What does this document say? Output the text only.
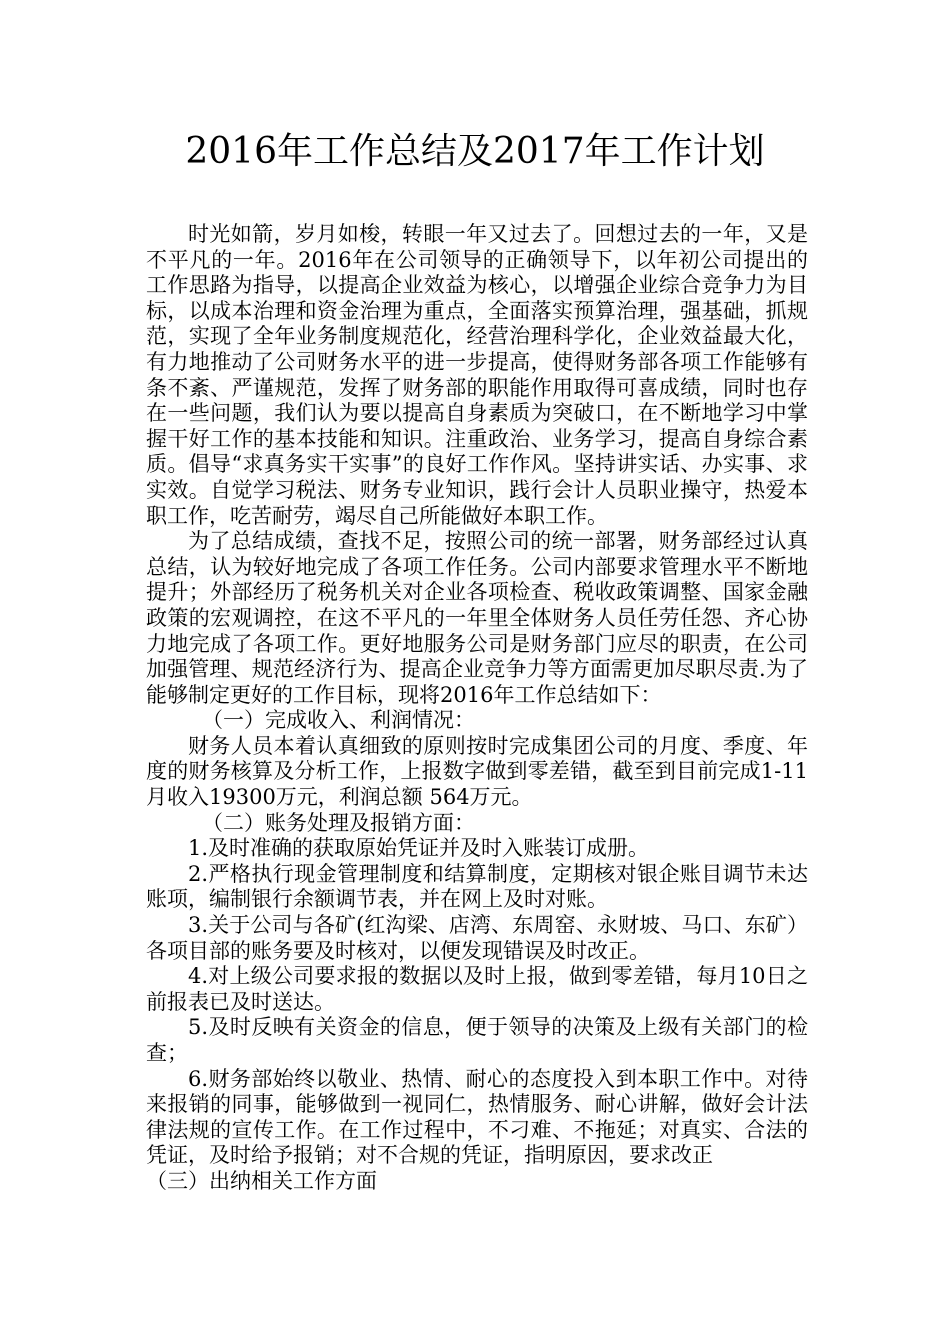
2016年工作总结及2017年工作计划

时光如箭，岁月如梭，转眼一年又过去了。回想过去的一年，又是不平凡的一年。2016年在公司领导的正确领导下，以年初公司提出的工作思路为指导，以提高企业效益为核心，以增强企业综合竞争力为目标，以成本治理和资金治理为重点，全面落实预算治理，强基础，抓规范，实现了全年业务制度规范化，经营治理科学化，企业效益最大化，有力地推动了公司财务水平的进一步提高，使得财务部各项工作能够有条不紊、严谨规范，发挥了财务部的职能作用取得可喜成绩，同时也存在一些问题，我们认为要以提高自身素质为突破口，在不断地学习中掌握干好工作的基本技能和知识。注重政治、业务学习，提高自身综合素质。倡导“求真务实干实事”的良好工作作风。坚持讲实话、办实事、求实效。自觉学习税法、财务专业知识，践行会计人员职业操守，热爱本职工作，吃苦耐劳，竭尽自己所能做好本职工作。

为了总结成绩，查找不足，按照公司的统一部署，财务部经过认真总结，认为较好地完成了各项工作任务。公司内部要求管理水平不断地提升；外部经历了税务机关对企业各项检查、税收政策调整、国家金融政策的宏观调控，在这不平凡的一年里全体财务人员任劳任怨、齐心协力地完成了各项工作。更好地服务公司是财务部门应尽的职责，在公司加强管理、规范经济行为、提高企业竞争力等方面需更加尽职尽责.为了能够制定更好的工作目标，现将2016年工作总结如下：

（一）完成收入、利润情况：

财务人员本着认真细致的原则按时完成集团公司的月度、季度、年度的财务核算及分析工作，上报数字做到零差错，截至到目前完成1-11月收入19300万元，利润总额 564万元。

（二）账务处理及报销方面：

1.及时准确的获取原始凭证并及时入账装订成册。

2.严格执行现金管理制度和结算制度，定期核对银企账目调节未达账项，编制银行余额调节表，并在网上及时对账。

3.关于公司与各矿(红沟梁、店湾、东周窑、永财坡、马口、东矿）各项目部的账务要及时核对，以便发现错误及时改正。

4.对上级公司要求报的数据以及时上报，做到零差错，每月10日之前报表已及时送达。

5.及时反映有关资金的信息，便于领导的决策及上级有关部门的检查；

6.财务部始终以敬业、热情、耐心的态度投入到本职工作中。对待来报销的同事，能够做到一视同仁，热情服务、耐心讲解，做好会计法律法规的宣传工作。在工作过程中，不刁难、不拖延；对真实、合法的凭证，及时给予报销；对不合规的凭证，指明原因，要求改正

（三）出纳相关工作方面
